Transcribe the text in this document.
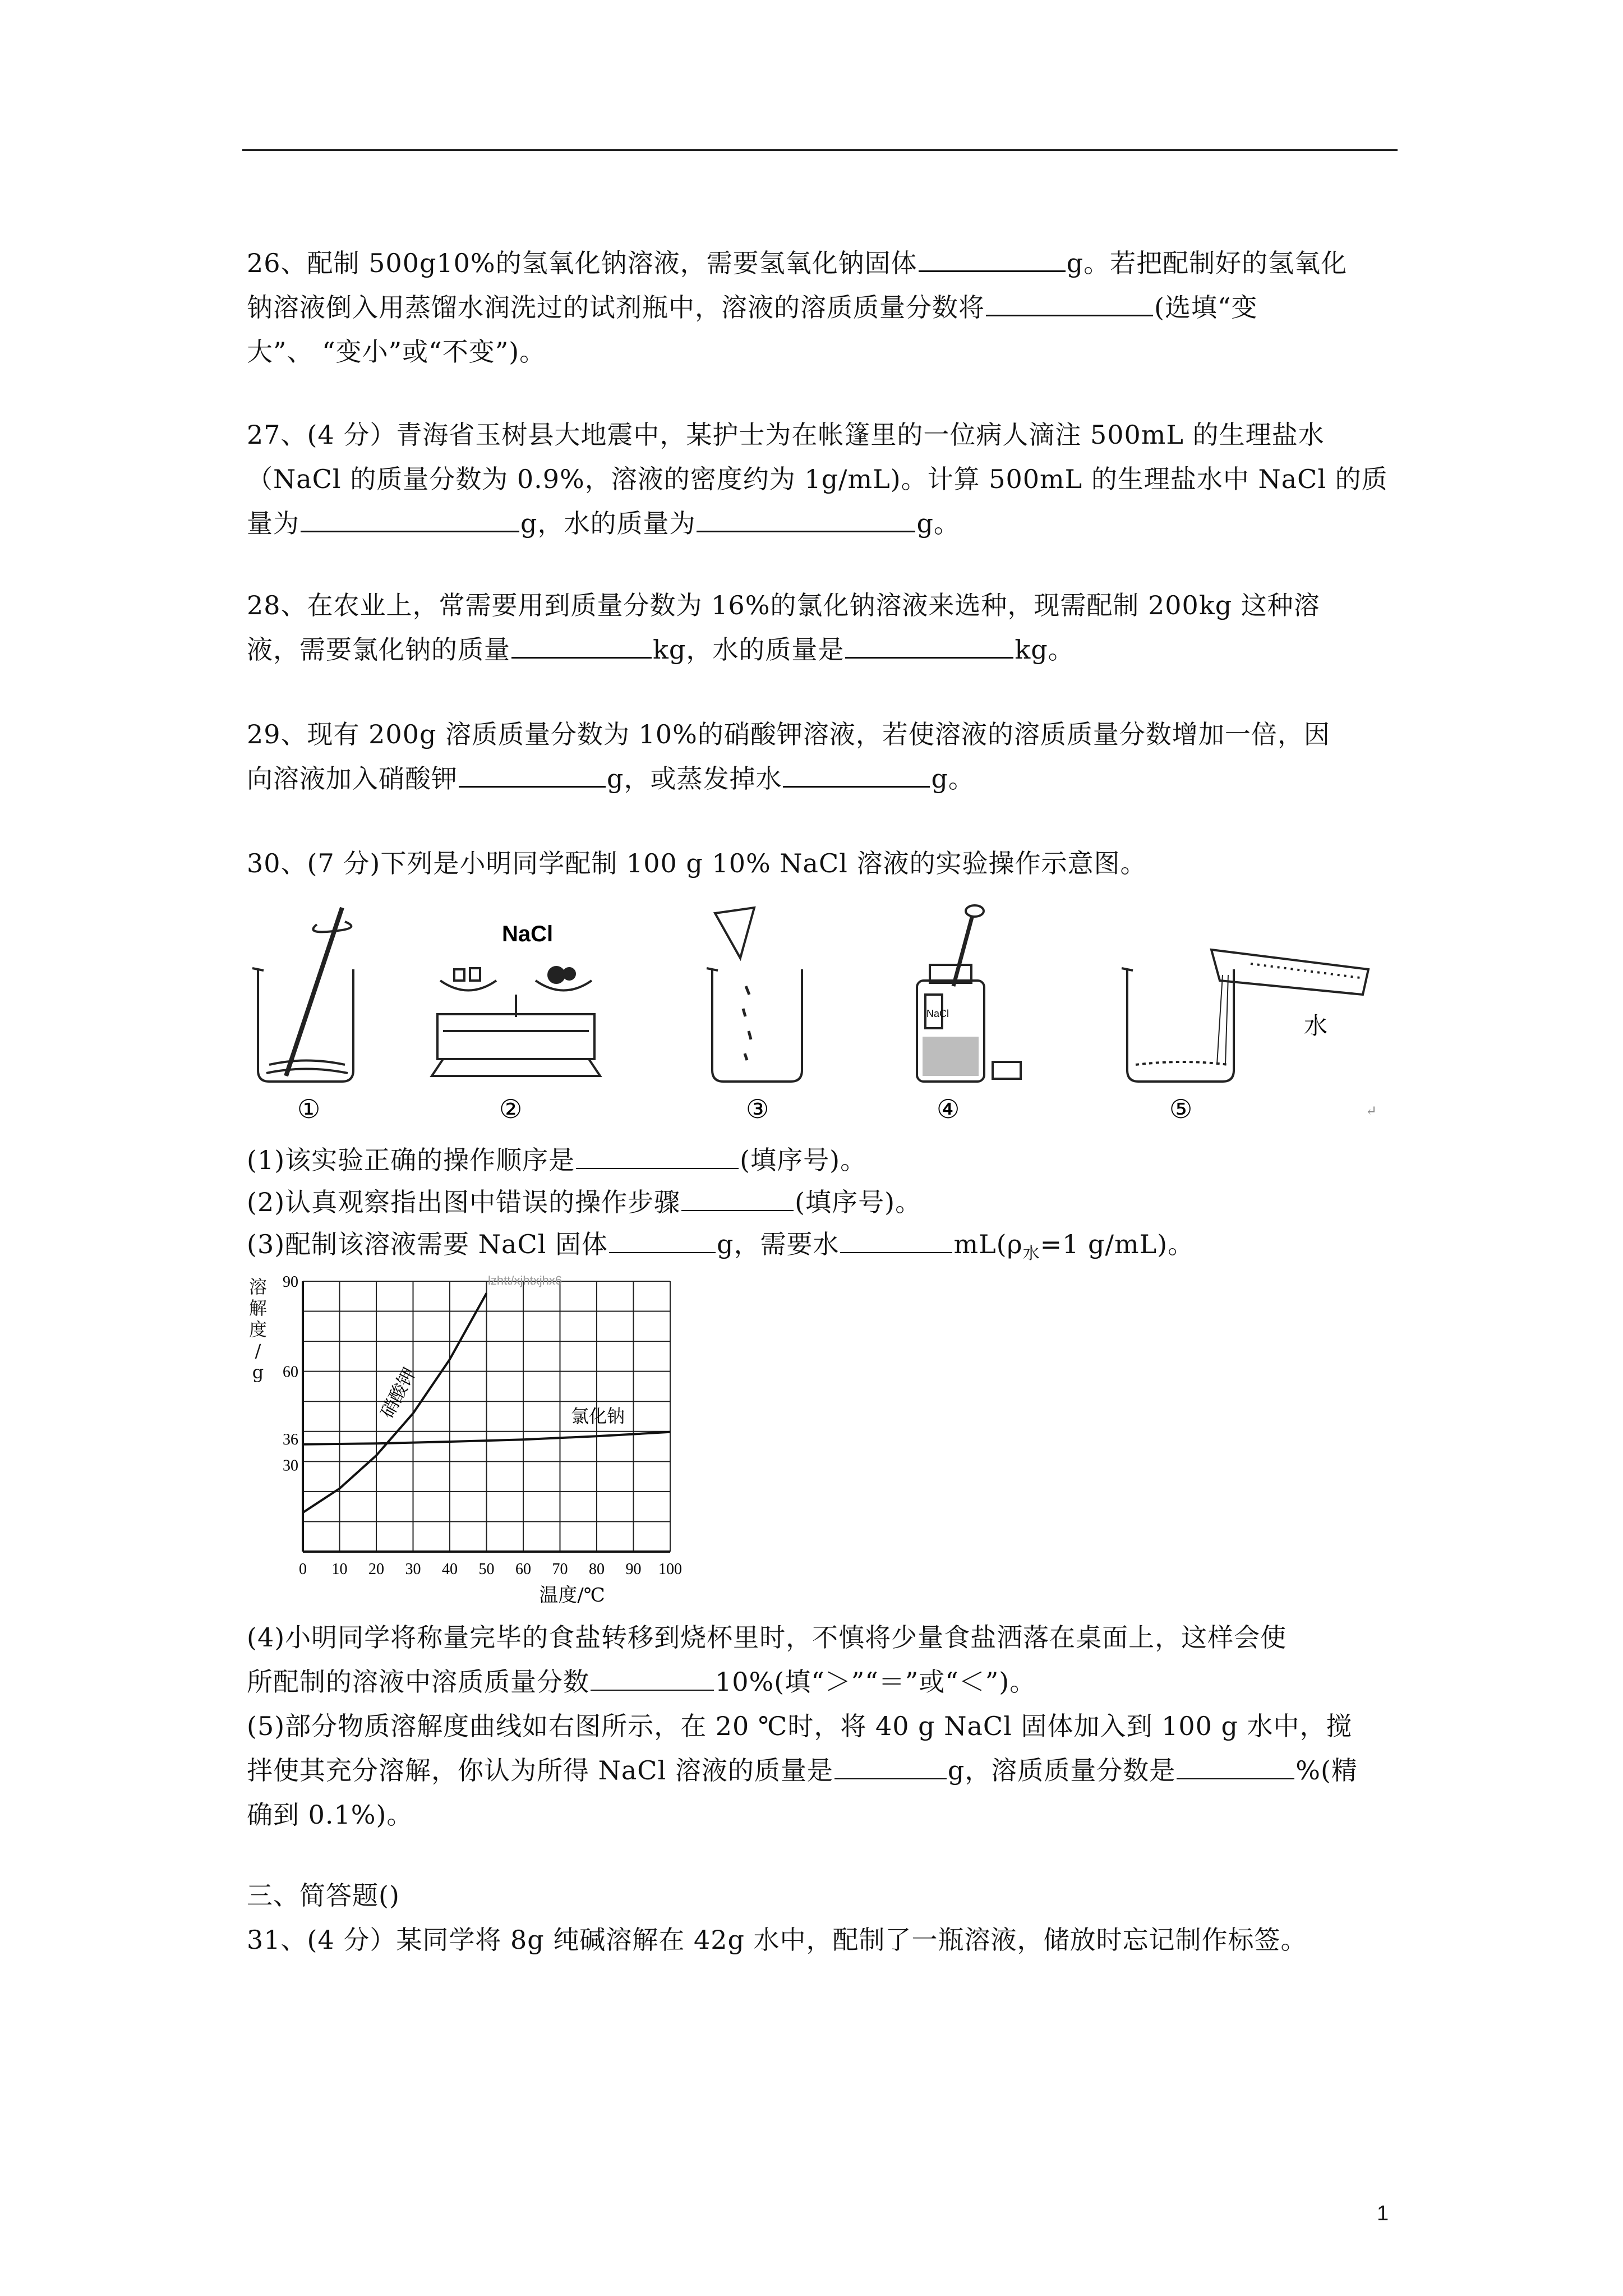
26、配制 500g10%的氢氧化钠溶液，需要氢氧化钠固体	g。若把配制好的氢氧化

钠溶液倒入用蒸馏水润洗过的试剂瓶中，溶液的溶质质量分数将	(选填“变

大”、 “变小”或“不变”)。

27、(4 分）青海省玉树县大地震中，某护士为在帐篷里的一位病人滴注 500mL 的生理盐水

（NaCl 的质量分数为 0.9%，溶液的密度约为 1g/mL)。计算 500mL 的生理盐水中 NaCl 的质

量为	g，水的质量为	g。

28、在农业上，常需要用到质量分数为 16%的氯化钠溶液来选种，现需配制 200kg 这种溶

液，需要氯化钠的质量	kg，水的质量是	kg。

29、现有 200g 溶质质量分数为 10%的硝酸钾溶液，若使溶液的溶质质量分数增加一倍，因

向溶液加入硝酸钾	g，或蒸发掉水	g。

30、(7 分)下列是小明同学配制 100 g 10% NaCl 溶液的实验操作示意图。

①
NaCl
②	③
NaCl
④
水
⑤	↵

(1)该实验正确的操作顺序是	(填序号)。

(2)认真观察指出图中错误的操作步骤	(填序号)。

(3)配制该溶液需要 NaCl 固体	g，需要水	$mL(\rho_水=1$ g/mL)。

0 10 20 30 40 50 60 70 80 90 100
30
36
60
90	lzhtt/xjhtxjhx6
温度/℃
硝酸钾	氯化钠
溶
解
度
/
g

(4)小明同学将称量完毕的食盐转移到烧杯里时，不慎将少量食盐洒落在桌面上，这样会使

所配制的溶液中溶质质量分数	10%(填“＞”“＝”或“＜”)。

(5)部分物质溶解度曲线如右图所示，在 20 ℃时，将 40 g NaCl 固体加入到 100 g 水中，搅

拌使其充分溶解，你认为所得 NaCl 溶液的质量是	g，溶质质量分数是	%(精

确到 0.1%)。

三、简答题()

31、(4 分）某同学将 8g 纯碱溶解在 42g 水中，配制了一瓶溶液，储放时忘记制作标签。

1
